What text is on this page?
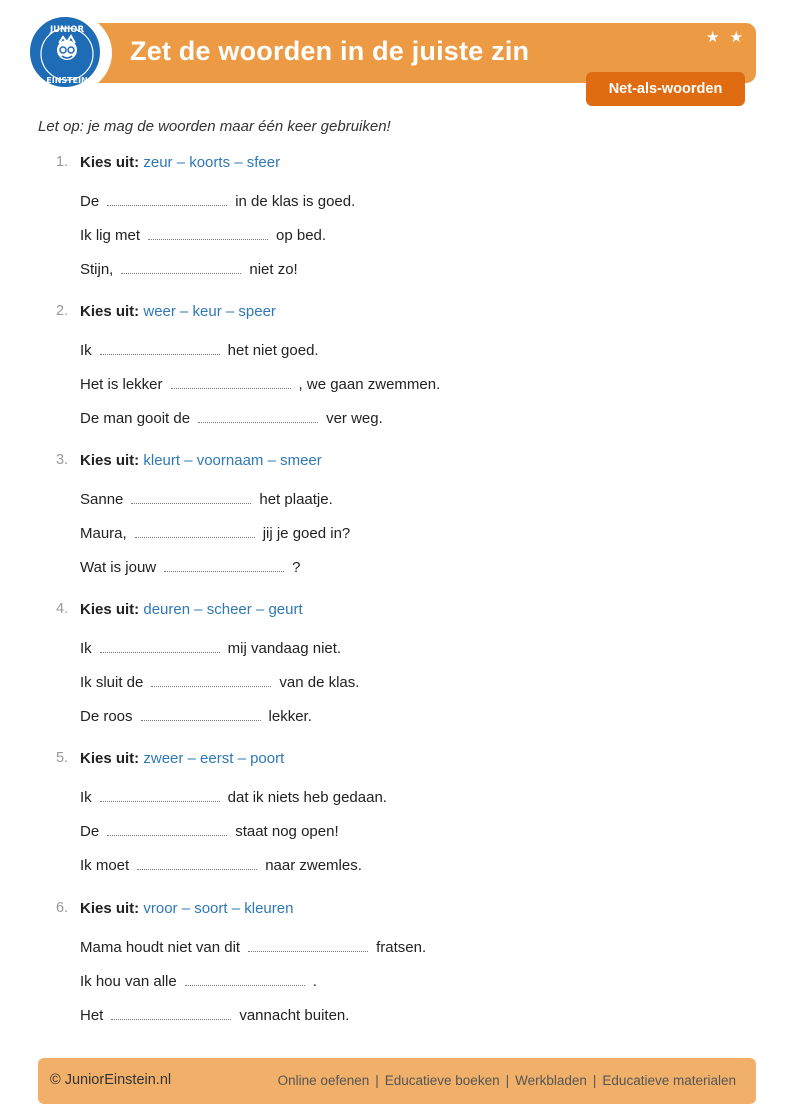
JUNIOR
EINSTEIN
Zet de woorden in de juiste zin	★ ★
Net-als-woorden
Let op: je mag de woorden maar één keer gebruiken!
1. Kies uit: zeur – koorts – sfeer
De	in de klas is goed.
Ik lig met	op bed.
Stijn,	niet zo!
2. Kies uit: weer – keur – speer
Ik	het niet goed.
Het is lekker	, we gaan zwemmen.
De man gooit de	ver weg.
3. Kies uit: kleurt – voornaam – smeer
Sanne	het plaatje.
Maura,	jij je goed in?
Wat is jouw	?
4. Kies uit: deuren – scheer – geurt
Ik	mij vandaag niet.
Ik sluit de	van de klas.
De roos	lekker.
5. Kies uit: zweer – eerst – poort
Ik	dat ik niets heb gedaan.
De	staat nog open!
Ik moet	naar zwemles.
6. Kies uit: vroor – soort – kleuren
Mama houdt niet van dit	fratsen.
Ik hou van alle	.
Het	vannacht buiten.
© JuniorEinstein.nl	Online oefenen | Educatieve boeken | Werkbladen | Educatieve materialen
